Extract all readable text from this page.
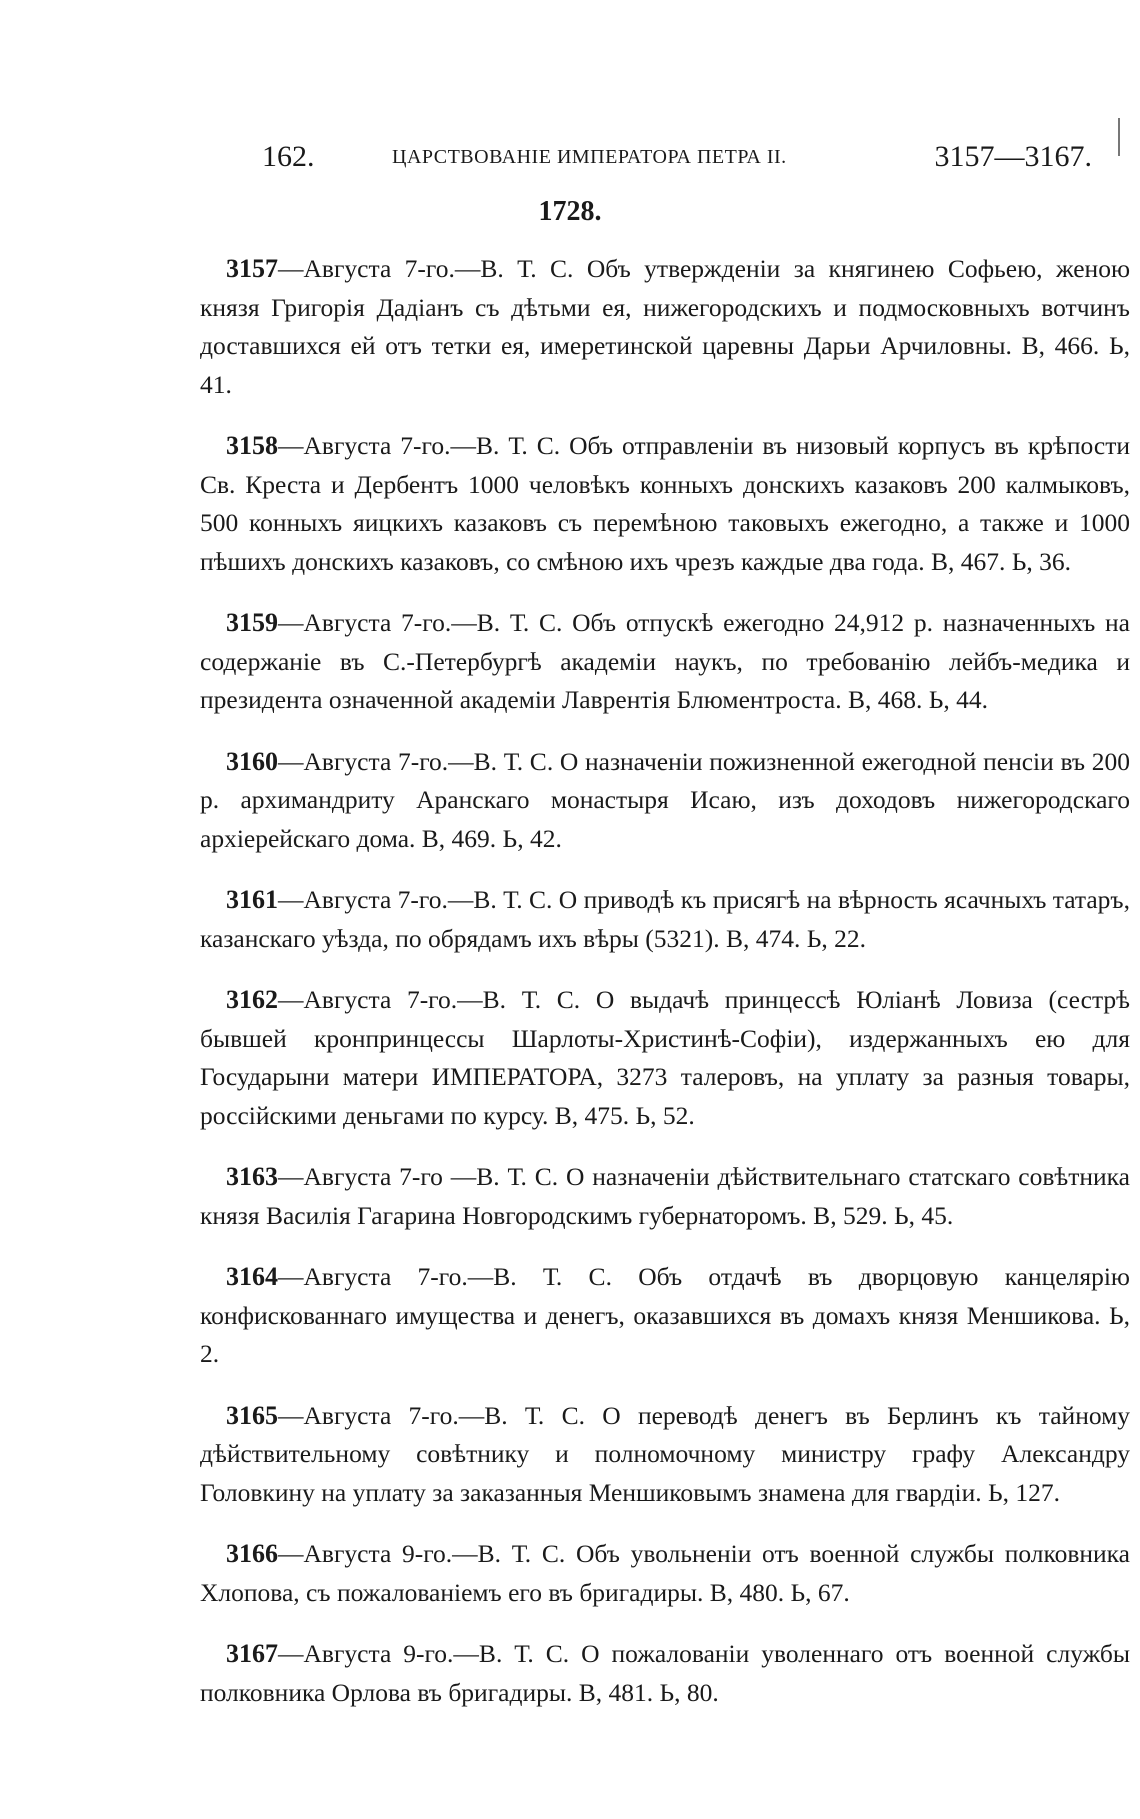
162.	ЦАРСТВОВАНІЕ ИМПЕРАТОРА ПЕТРА II.	3157—3167.
1728.

3157—Августа 7-го.—В. Т. С. Объ утвержденіи за княгинею Софьею, женою князя Григорія Дадіанъ съ дѣтьми ея, нижегородскихъ и подмосковныхъ вотчинъ доставшихся ей отъ тетки ея, имеретинской царевны Дарьи Арчиловны. В, 466. Ь, 41.

3158—Августа 7-го.—В. Т. С. Объ отправленіи въ низовый корпусъ въ крѣпости Св. Креста и Дербентъ 1000 человѣкъ конныхъ донскихъ казаковъ 200 калмыковъ, 500 конныхъ яицкихъ казаковъ съ перемѣною таковыхъ ежегодно, а также и 1000 пѣшихъ донскихъ казаковъ, со смѣною ихъ чрезъ каждые два года. В, 467. Ь, 36.

3159—Августа 7-го.—В. Т. С. Объ отпускѣ ежегодно 24,912 р. назначенныхъ на содержаніе въ С.-Петербургѣ академіи наукъ, по требованію лейбъ-медика и президента означенной академіи Лаврентія Блюментроста. В, 468. Ь, 44.

3160—Августа 7-го.—В. Т. С. О назначеніи пожизненной ежегодной пенсіи въ 200 р. архимандриту Аранскаго монастыря Исаю, изъ доходовъ нижегородскаго архіерейскаго дома. В, 469. Ь, 42.

3161—Августа 7-го.—В. Т. С. О приводѣ къ присягѣ на вѣрность ясачныхъ татаръ, казанскаго уѣзда, по обрядамъ ихъ вѣры (5321). В, 474. Ь, 22.

3162—Августа 7-го.—В. Т. С. О выдачѣ принцессѣ Юліанѣ Ловиза (сестрѣ бывшей кронпринцессы Шарлоты-Христинѣ-Софіи), издержанныхъ ею для Государыни матери ИМПЕРАТОРА, 3273 талеровъ, на уплату за разныя товары, россійскими деньгами по курсу. В, 475. Ь, 52.

3163—Августа 7-го —В. Т. С. О назначеніи дѣйствительнаго статскаго совѣтника князя Василія Гагарина Новгородскимъ губернаторомъ. В, 529. Ь, 45.

3164—Августа 7-го.—В. Т. С. Объ отдачѣ въ дворцовую канцелярію конфискованнаго имущества и денегъ, оказавшихся въ домахъ князя Меншикова. Ь, 2.

3165—Августа 7-го.—В. Т. С. О переводѣ денегъ въ Берлинъ къ тайному дѣйствительному совѣтнику и полномочному министру графу Александру Головкину на уплату за заказанныя Меншиковымъ знамена для гвардіи. Ь, 127.

3166—Августа 9-го.—В. Т. С. Объ увольненіи отъ военной службы полковника Хлопова, съ пожалованіемъ его въ бригадиры. В, 480. Ь, 67.

3167—Августа 9-го.—В. Т. С. О пожалованіи уволеннаго отъ военной службы полковника Орлова въ бригадиры. В, 481. Ь, 80.
